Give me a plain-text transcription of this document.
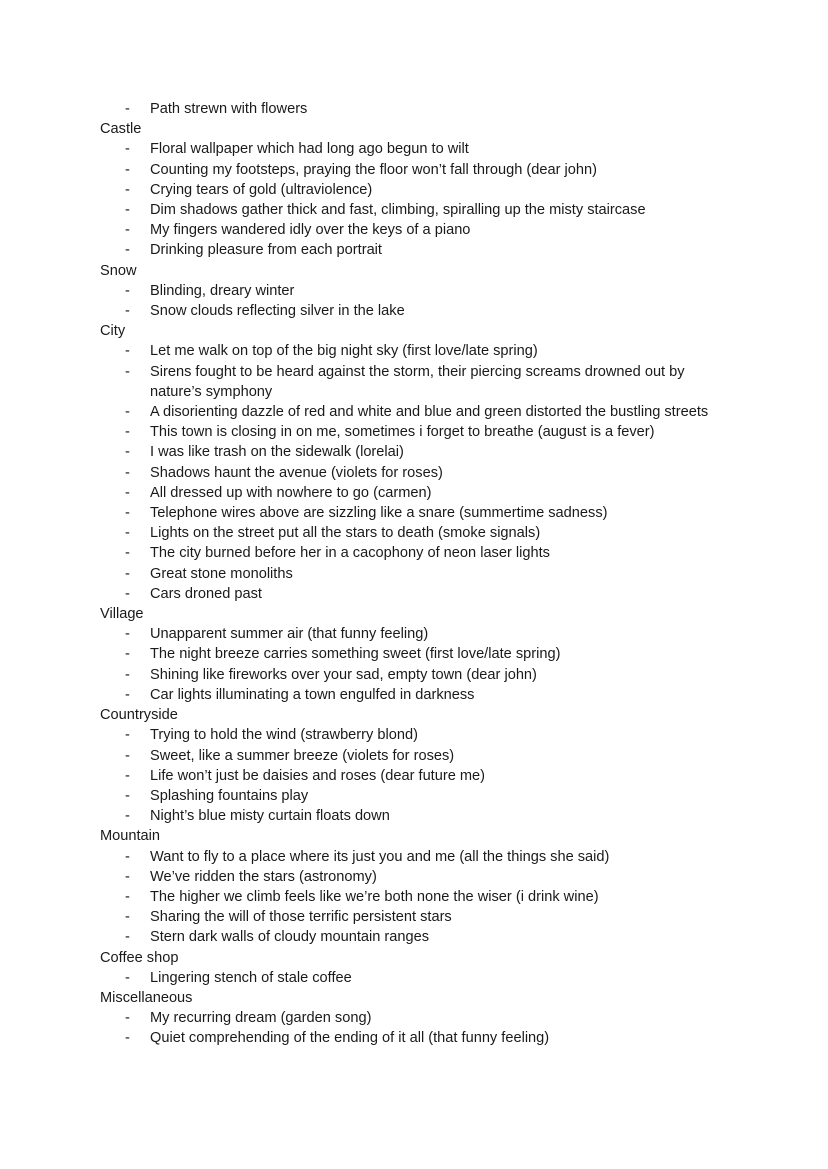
- Path strewn with flowers
Castle
- Floral wallpaper which had long ago begun to wilt
- Counting my footsteps, praying the floor won’t fall through (dear john)
- Crying tears of gold (ultraviolence)
- Dim shadows gather thick and fast, climbing, spiralling up the misty staircase
- My fingers wandered idly over the keys of a piano
- Drinking pleasure from each portrait
Snow
- Blinding, dreary winter
- Snow clouds reflecting silver in the lake
City
- Let me walk on top of the big night sky (first love/late spring)
- Sirens fought to be heard against the storm, their piercing screams drowned out by nature’s symphony
- A disorienting dazzle of red and white and blue and green distorted the bustling streets
- This town is closing in on me, sometimes i forget to breathe (august is a fever)
- I was like trash on the sidewalk (lorelai)
- Shadows haunt the avenue (violets for roses)
- All dressed up with nowhere to go (carmen)
- Telephone wires above are sizzling like a snare (summertime sadness)
- Lights on the street put all the stars to death (smoke signals)
- The city burned before her in a cacophony of neon laser lights
- Great stone monoliths
- Cars droned past
Village
- Unapparent summer air (that funny feeling)
- The night breeze carries something sweet (first love/late spring)
- Shining like fireworks over your sad, empty town (dear john)
- Car lights illuminating a town engulfed in darkness
Countryside
- Trying to hold the wind (strawberry blond)
- Sweet, like a summer breeze (violets for roses)
- Life won’t just be daisies and roses (dear future me)
- Splashing fountains play
- Night’s blue misty curtain floats down
Mountain
- Want to fly to a place where its just you and me (all the things she said)
- We’ve ridden the stars (astronomy)
- The higher we climb feels like we’re both none the wiser (i drink wine)
- Sharing the will of those terrific persistent stars
- Stern dark walls of cloudy mountain ranges
Coffee shop
- Lingering stench of stale coffee
Miscellaneous
- My recurring dream (garden song)
- Quiet comprehending of the ending of it all (that funny feeling)
